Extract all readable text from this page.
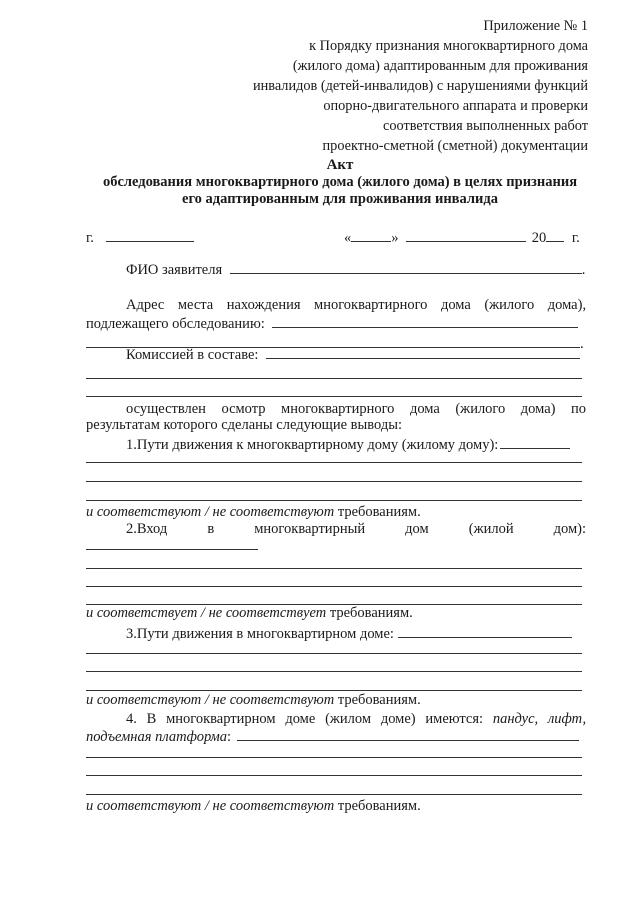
Приложение № 1
к Порядку признания многоквартирного дома
(жилого дома) адаптированным для проживания
инвалидов (детей-инвалидов) с нарушениями функций
опорно-двигательного аппарата и проверки
соответствия выполненных работ
проектно-сметной (сметной) документации
Акт
обследования многоквартирного дома (жилого дома) в целях признания
его адаптированным для проживания инвалида
г.	«	»	20 г.
ФИО заявителя	.
Адрес места нахождения многоквартирного дома (жилого дома),
подлежащего обследованию:
.
Комиссией в составе:
осуществлен осмотр многоквартирного дома (жилого дома) по
результатам которого сделаны следующие выводы:
1.Пути движения к многоквартирному дому (жилому дому):
и соответствуют / не соответствуют требованиям.
2.Вход	в	многоквартирный	дом	(жилой	дом):
и соответствует / не соответствует требованиям.
3.Пути движения в многоквартирном доме:
и соответствуют / не соответствуют требованиям.
4. В многоквартирном доме (жилом доме) имеются: пандус, лифт,
подъемная платформа:
и соответствуют / не соответствуют требованиям.
